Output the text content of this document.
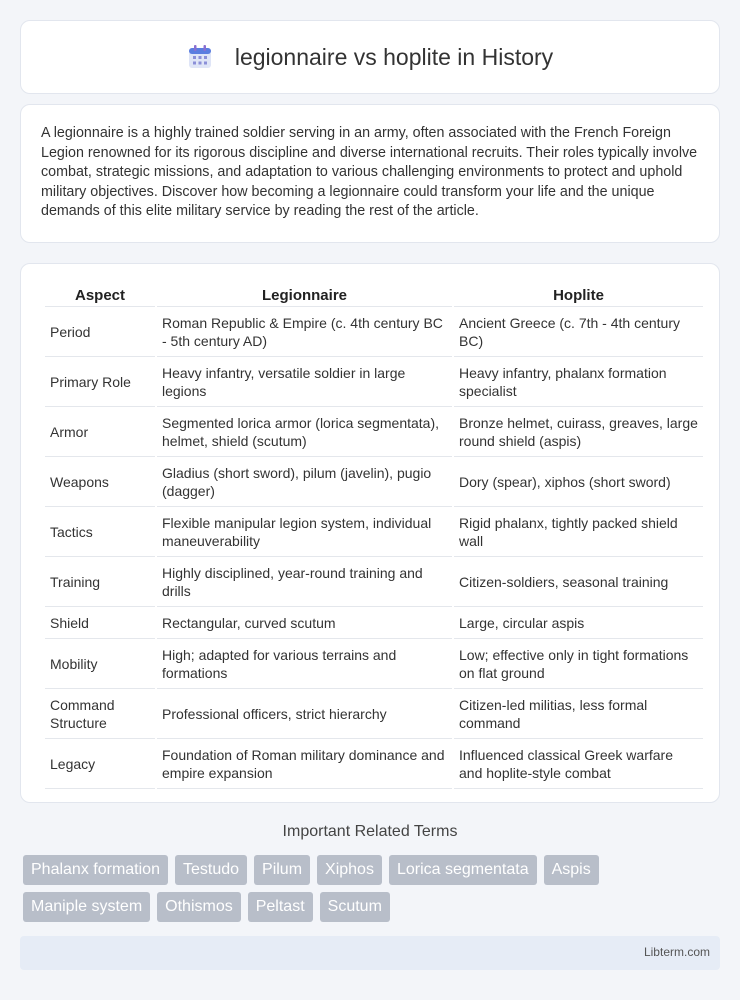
legionnaire vs hoplite in History

A legionnaire is a highly trained soldier serving in an army, often associated with the French Foreign Legion renowned for its rigorous discipline and diverse international recruits. Their roles typically involve combat, strategic missions, and adaptation to various challenging environments to protect and uphold military objectives. Discover how becoming a legionnaire could transform your life and the unique demands of this elite military service by reading the rest of the article.

Aspect	Legionnaire	Hoplite
Period	Roman Republic & Empire (c. 4th century BC - 5th century AD)	Ancient Greece (c. 7th - 4th century BC)
Primary Role	Heavy infantry, versatile soldier in large legions	Heavy infantry, phalanx formation specialist
Armor	Segmented lorica armor (lorica segmentata), helmet, shield (scutum)	Bronze helmet, cuirass, greaves, large round shield (aspis)
Weapons	Gladius (short sword), pilum (javelin), pugio (dagger)	Dory (spear), xiphos (short sword)
Tactics	Flexible manipular legion system, individual maneuverability	Rigid phalanx, tightly packed shield wall
Training	Highly disciplined, year-round training and drills	Citizen-soldiers, seasonal training
Shield	Rectangular, curved scutum	Large, circular aspis
Mobility	High; adapted for various terrains and formations	Low; effective only in tight formations on flat ground
Command Structure	Professional officers, strict hierarchy	Citizen-led militias, less formal command
Legacy	Foundation of Roman military dominance and empire expansion	Influenced classical Greek warfare and hoplite-style combat
Important Related Terms
Phalanx formation	Testudo	Pilum	Xiphos	Lorica segmentata	Aspis
Maniple system	Othismos	Peltast	Scutum
Libterm.com
